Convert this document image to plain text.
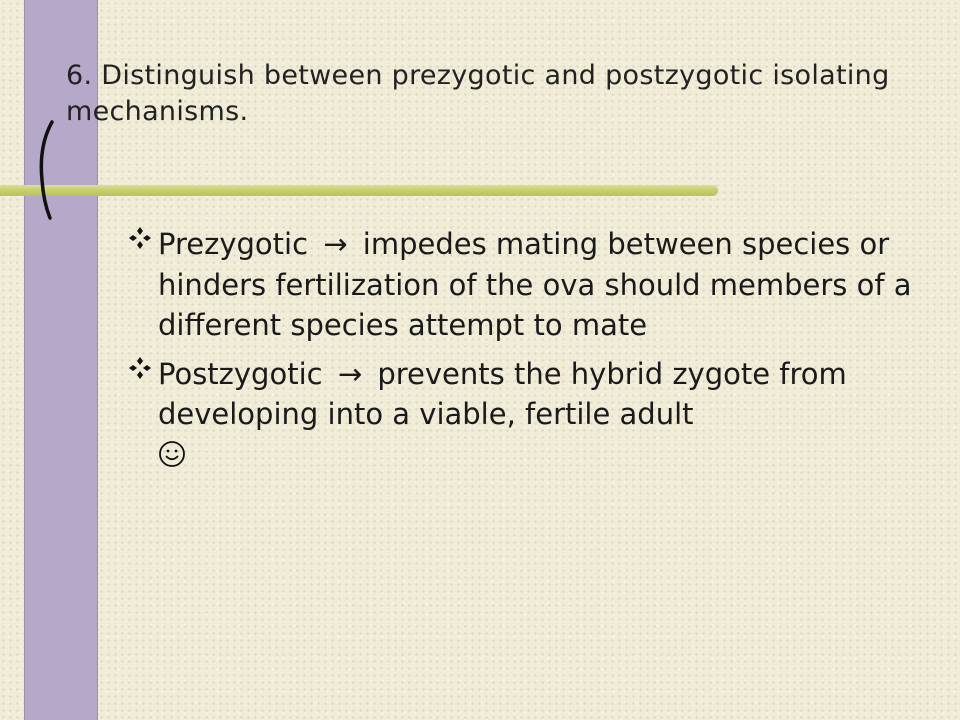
6. Distinguish between prezygotic and postzygotic isolating mechanisms.
Prezygotic → impedes mating between species or hinders fertilization of the ova should members of a different species attempt to mate
Postzygotic → prevents the hybrid zygote from developing into a viable, fertile adult
